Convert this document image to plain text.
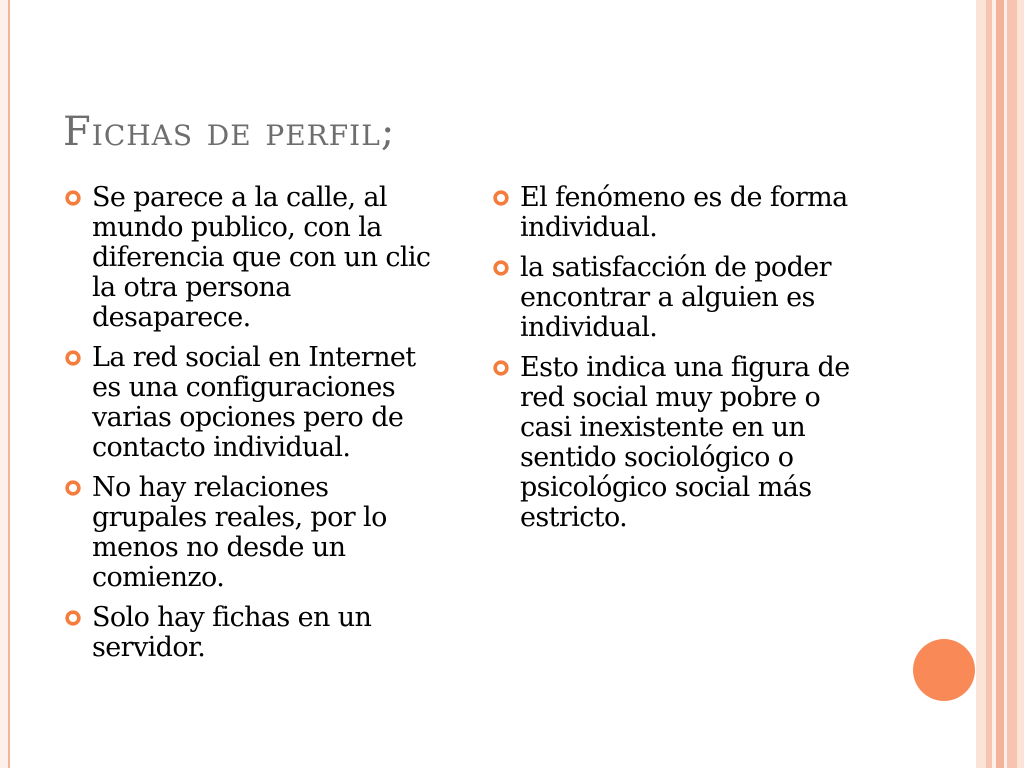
Fichas de perfil;
Se parece a la calle, al mundo publico, con la diferencia que con un clic la otra persona desaparece.
La red social en Internet es una configuraciones varias opciones pero de contacto individual.
No hay relaciones grupales reales, por lo menos no desde un comienzo.
Solo hay fichas en un servidor.
El fenómeno es de forma individual.
la satisfacción de poder encontrar a alguien es individual.
Esto indica una figura de red social muy pobre o casi inexistente en un sentido sociológico o psicológico social más estricto.
